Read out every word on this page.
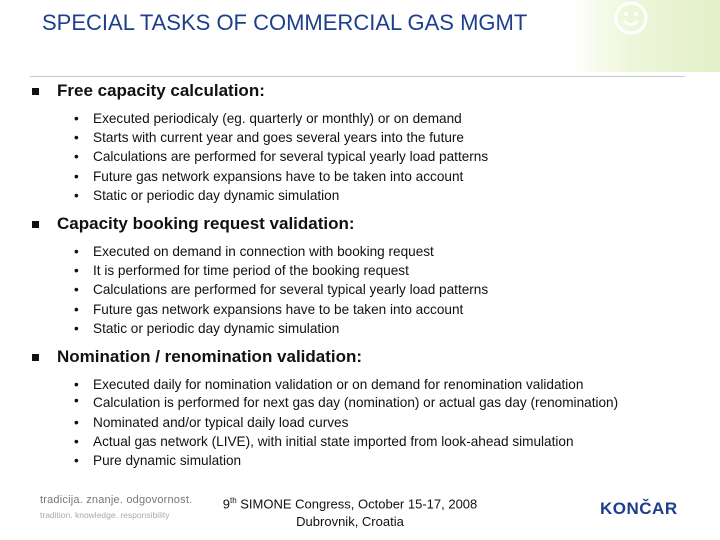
SPECIAL TASKS OF COMMERCIAL GAS MGMT
Free capacity calculation:
• Executed periodicaly (eg. quarterly or monthly) or on demand
• Starts with current year and goes several years into the future
• Calculations are performed for several typical yearly load patterns
• Future gas network expansions have to be taken into account
• Static or periodic day dynamic simulation
Capacity booking request validation:
• Executed on demand in connection with booking request
• It is performed for time period of the booking request
• Calculations are performed for several typical yearly load patterns
• Future gas network expansions have to be taken into account
• Static or periodic day dynamic simulation
Nomination / renomination validation:
• Executed daily for nomination validation or on demand for renomination validation
• Calculation is performed for next gas day (nomination) or actual gas day (renomination)
• Nominated and/or typical daily load curves
• Actual gas network (LIVE), with initial state imported from look-ahead simulation
• Pure dynamic simulation
tradicija. znanje. odgovornost.
tradition. knowledge. responsibility
9th SIMONE Congress, October 15-17, 2008
Dubrovnik, Croatia
KONČAR
